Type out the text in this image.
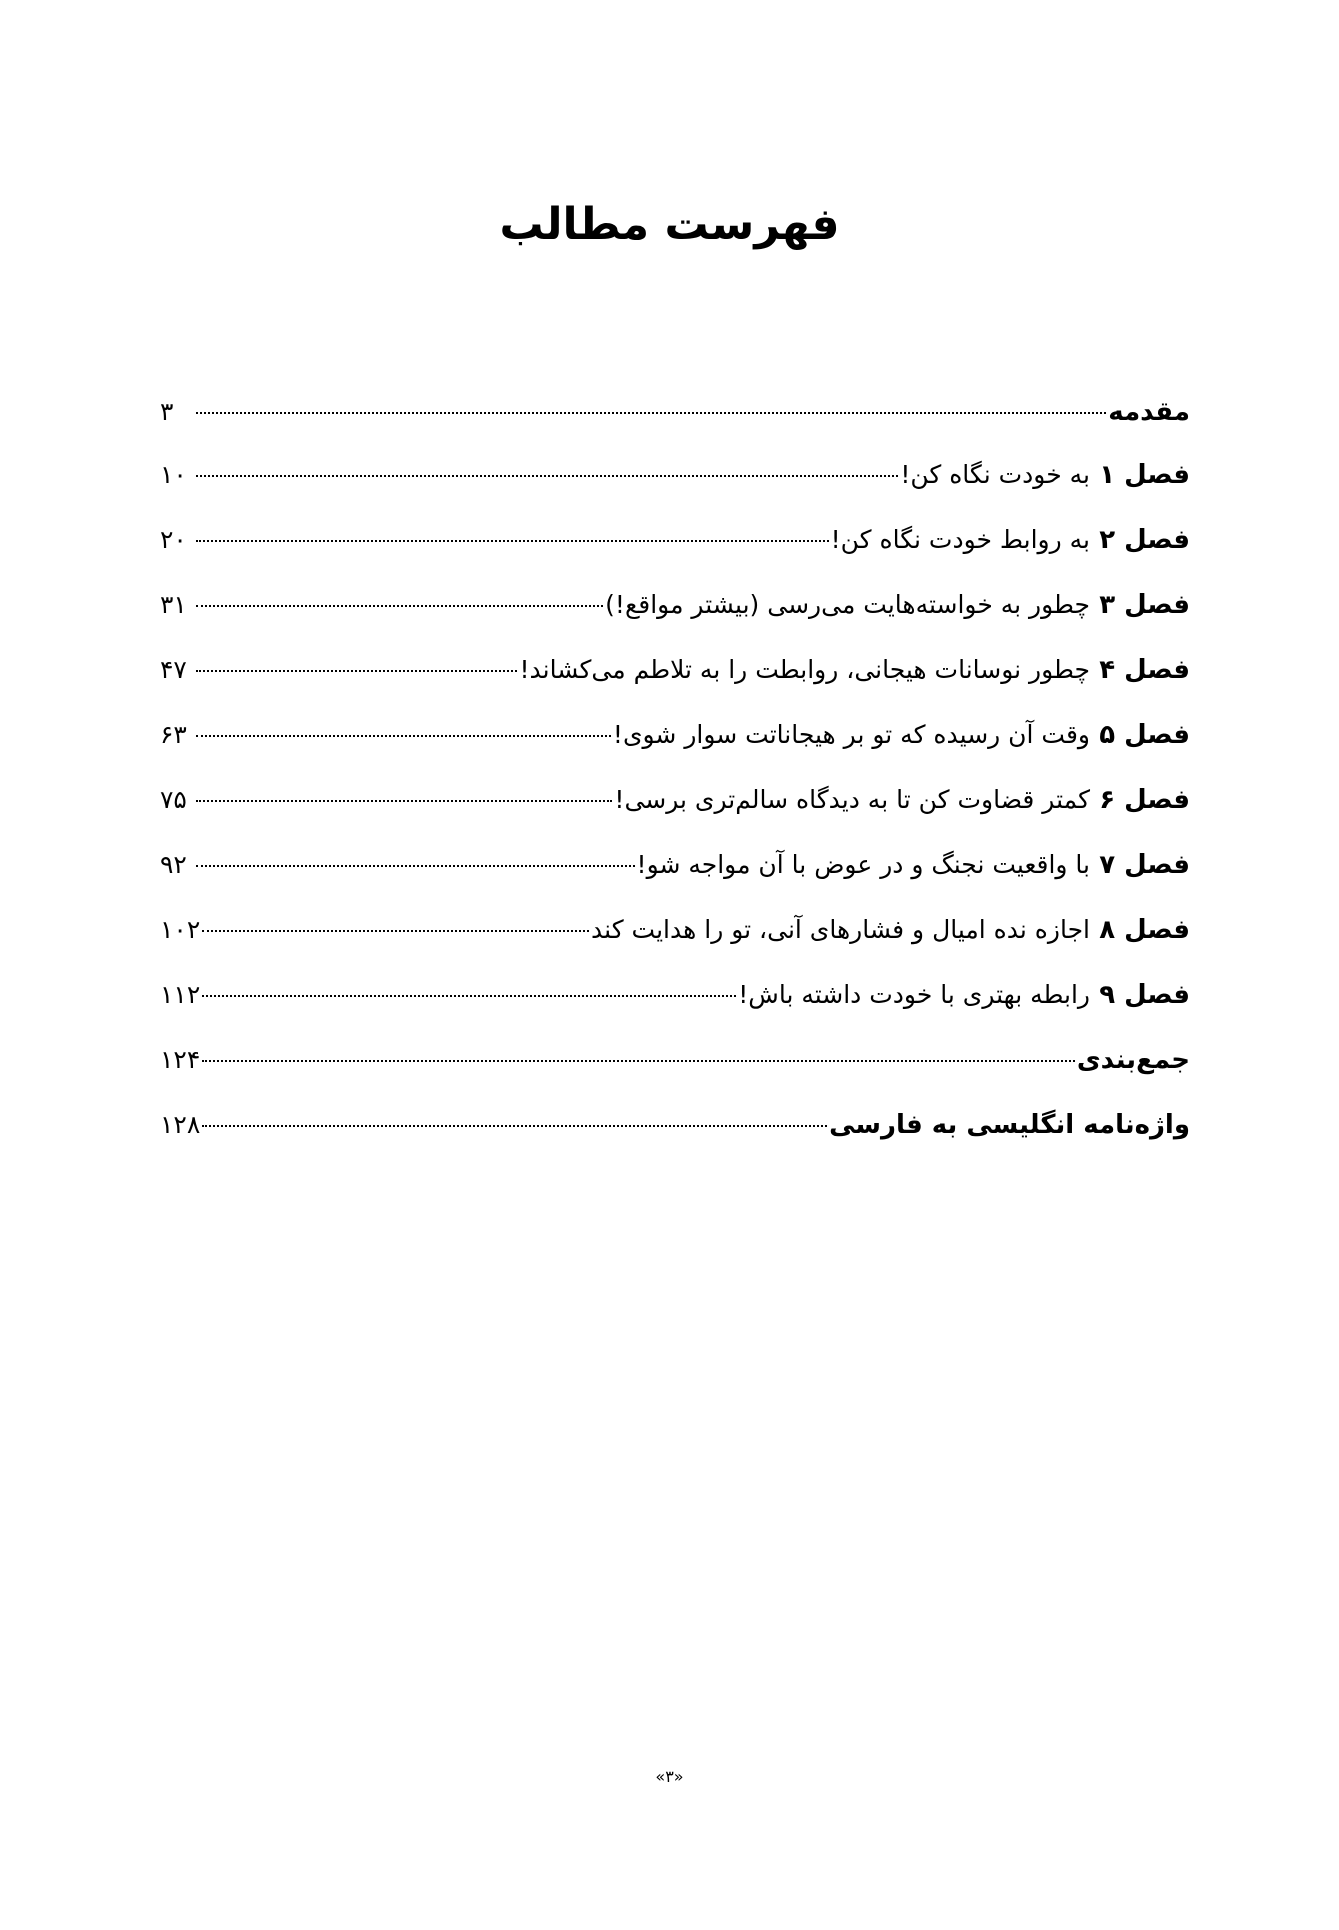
فهرست مطالب
مقدمه
۳
فصل ۱
به خودت نگاه کن!
۱۰
فصل ۲
به روابط خودت نگاه کن!
۲۰
فصل ۳
چطور به خواسته‌هایت می‌رسی (بیشتر مواقع!)
۳۱
فصل ۴
چطور نوسانات هیجانی، روابطت را به تلاطم می‌کشاند!
۴۷
فصل ۵
وقت آن رسیده که تو بر هیجاناتت سوار شوی!
۶۳
فصل ۶
کمتر قضاوت کن تا به دیدگاه سالم‌تری برسی!
۷۵
فصل ۷
با واقعیت نجنگ و در عوض با آن مواجه شو!
۹۲
فصل ۸
اجازه نده امیال و فشارهای آنی، تو را هدایت کند
۱۰۲
فصل ۹
رابطه بهتری با خودت داشته باش!
۱۱۲
جمع‌بندی
۱۲۴
واژه‌نامه انگلیسی به فارسی
۱۲۸
«۳»
